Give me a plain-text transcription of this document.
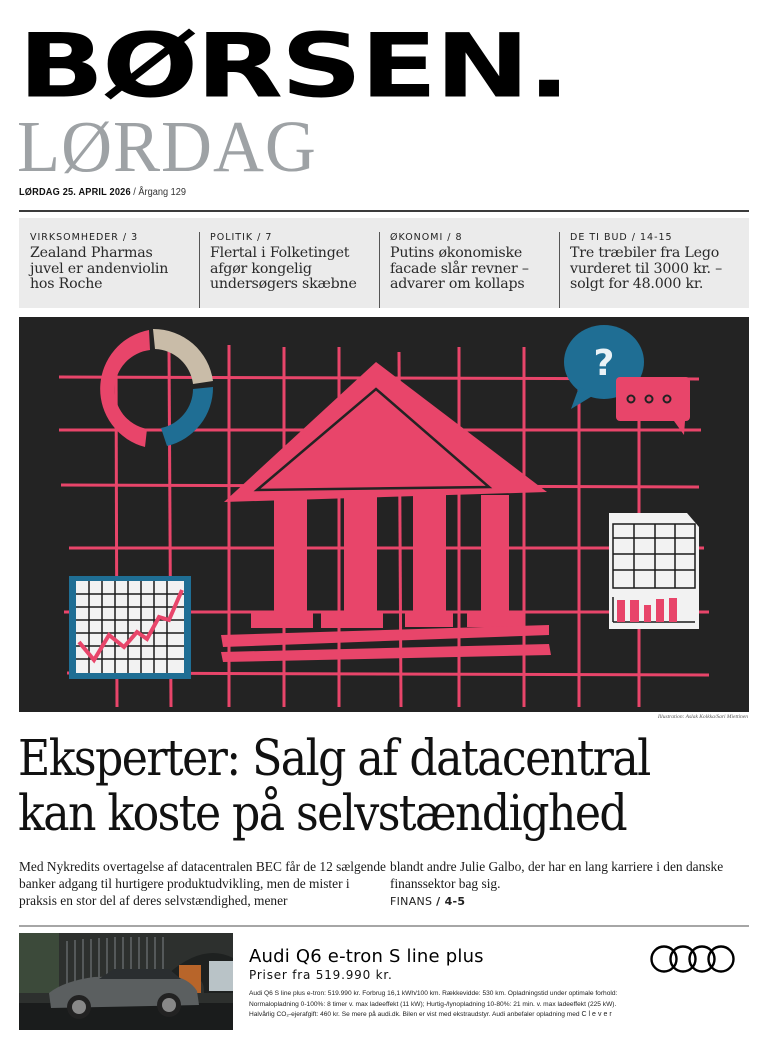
BØRSEN.
LØRDAG
LØRDAG 25. APRIL 2026 / Årgang 129
VIRKSOMHEDER / 3
Zealand Pharmas juvel er andenviolin hos Roche
POLITIK / 7
Flertal i Folketinget afgør kongelig undersøgers skæbne
ØKONOMI / 8
Putins økonomiske facade slår revner – advarer om kollaps
DE TI BUD / 14-15
Tre træbiler fra Lego vurderet til 3000 kr. – solgt for 48.000 kr.
?
Illustration: Aslak Kolkka/Sari Miettinen
Eksperter: Salg af datacentral
kan koste på selvstændighed
Med Nykredits overtagelse af datacentralen BEC får de 12 sælgende banker adgang til hurtigere produktudvikling, men de mister i praksis en stor del af deres selvstændighed, mener
blandt andre Julie Galbo, der har en lang karriere i den danske finanssektor bag sig.
FINANS / 4-5
Audi Q6 e-tron S line plus
Priser fra 519.990 kr.
Audi Q6 S line plus e-tron: 519.990 kr. Forbrug 16,1 kWh/100 km. Rækkevidde: 530 km. Opladningstid under optimale forhold:
Normalopladning 0-100%: 8 timer v. max ladeeffekt (11 kW); Hurtig-/lynopladning 10-80%: 21 min. v. max ladeeffekt (225 kW).
Halvårlig CO₂-ejerafgift: 460 kr. Se mere på audi.dk. Bilen er vist med ekstraudstyr. Audi anbefaler opladning med Clever
